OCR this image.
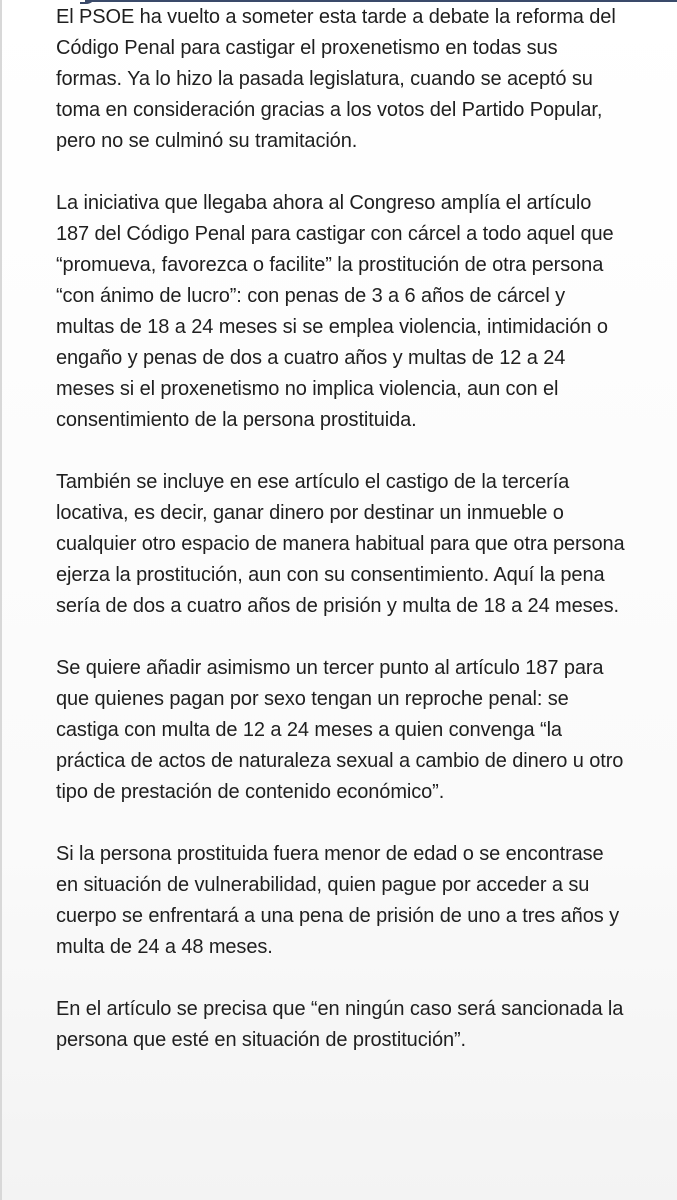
El PSOE ha vuelto a someter esta tarde a debate la reforma del Código Penal para castigar el proxenetismo en todas sus formas. Ya lo hizo la pasada legislatura, cuando se aceptó su toma en consideración gracias a los votos del Partido Popular, pero no se culminó su tramitación.

La iniciativa que llegaba ahora al Congreso amplía el artículo 187 del Código Penal para castigar con cárcel a todo aquel que “promueva, favorezca o facilite” la prostitución de otra persona “con ánimo de lucro”: con penas de 3 a 6 años de cárcel y multas de 18 a 24 meses si se emplea violencia, intimidación o engaño y penas de dos a cuatro años y multas de 12 a 24 meses si el proxenetismo no implica violencia, aun con el consentimiento de la persona prostituida.

También se incluye en ese artículo el castigo de la tercería locativa, es decir, ganar dinero por destinar un inmueble o cualquier otro espacio de manera habitual para que otra persona ejerza la prostitución, aun con su consentimiento. Aquí la pena sería de dos a cuatro años de prisión y multa de 18 a 24 meses.

Se quiere añadir asimismo un tercer punto al artículo 187 para que quienes pagan por sexo tengan un reproche penal: se castiga con multa de 12 a 24 meses a quien convenga “la práctica de actos de naturaleza sexual a cambio de dinero u otro tipo de prestación de contenido económico”.

Si la persona prostituida fuera menor de edad o se encontrase en situación de vulnerabilidad, quien pague por acceder a su cuerpo se enfrentará a una pena de prisión de uno a tres años y multa de 24 a 48 meses.

En el artículo se precisa que “en ningún caso será sancionada la persona que esté en situación de prostitución”.
